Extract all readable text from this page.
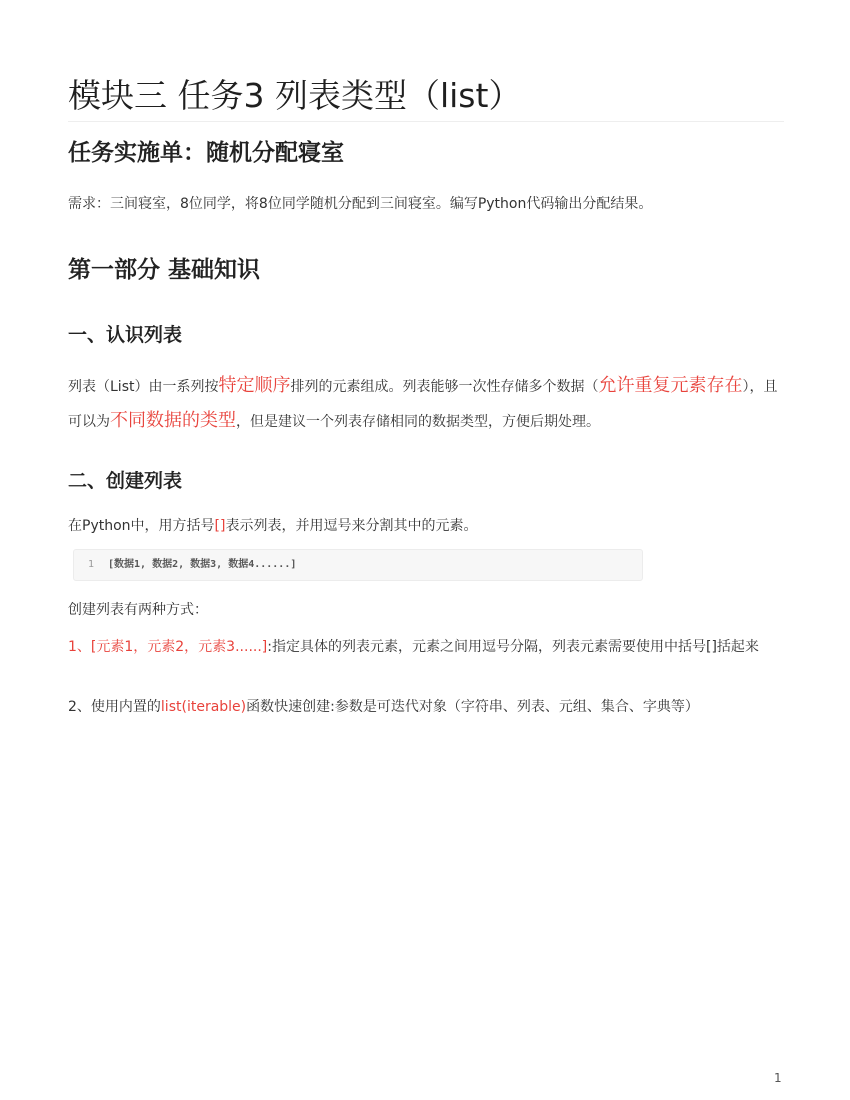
模块三 任务3 列表类型（list）
任务实施单：随机分配寝室

需求：三间寝室，8位同学，将8位同学随机分配到三间寝室。编写Python代码输出分配结果。

第一部分 基础知识
一、认识列表

列表（List）由一系列按特定顺序排列的元素组成。列表能够一次性存储多个数据（允许重复元素存在），且可以为不同数据的类型，但是建议一个列表存储相同的数据类型，方便后期处理。

二、创建列表

在Python中，用方括号[]表示列表，并用逗号来分割其中的元素。

1 [数据1, 数据2, 数据3, 数据4......]

创建列表有两种方式：

1、[元素1，元素2，元素3......]:指定具体的列表元素，元素之间用逗号分隔，列表元素需要使用中括号[]括起来

2、使用内置的list(iterable)函数快速创建:参数是可迭代对象（字符串、列表、元组、集合、字典等）

1
